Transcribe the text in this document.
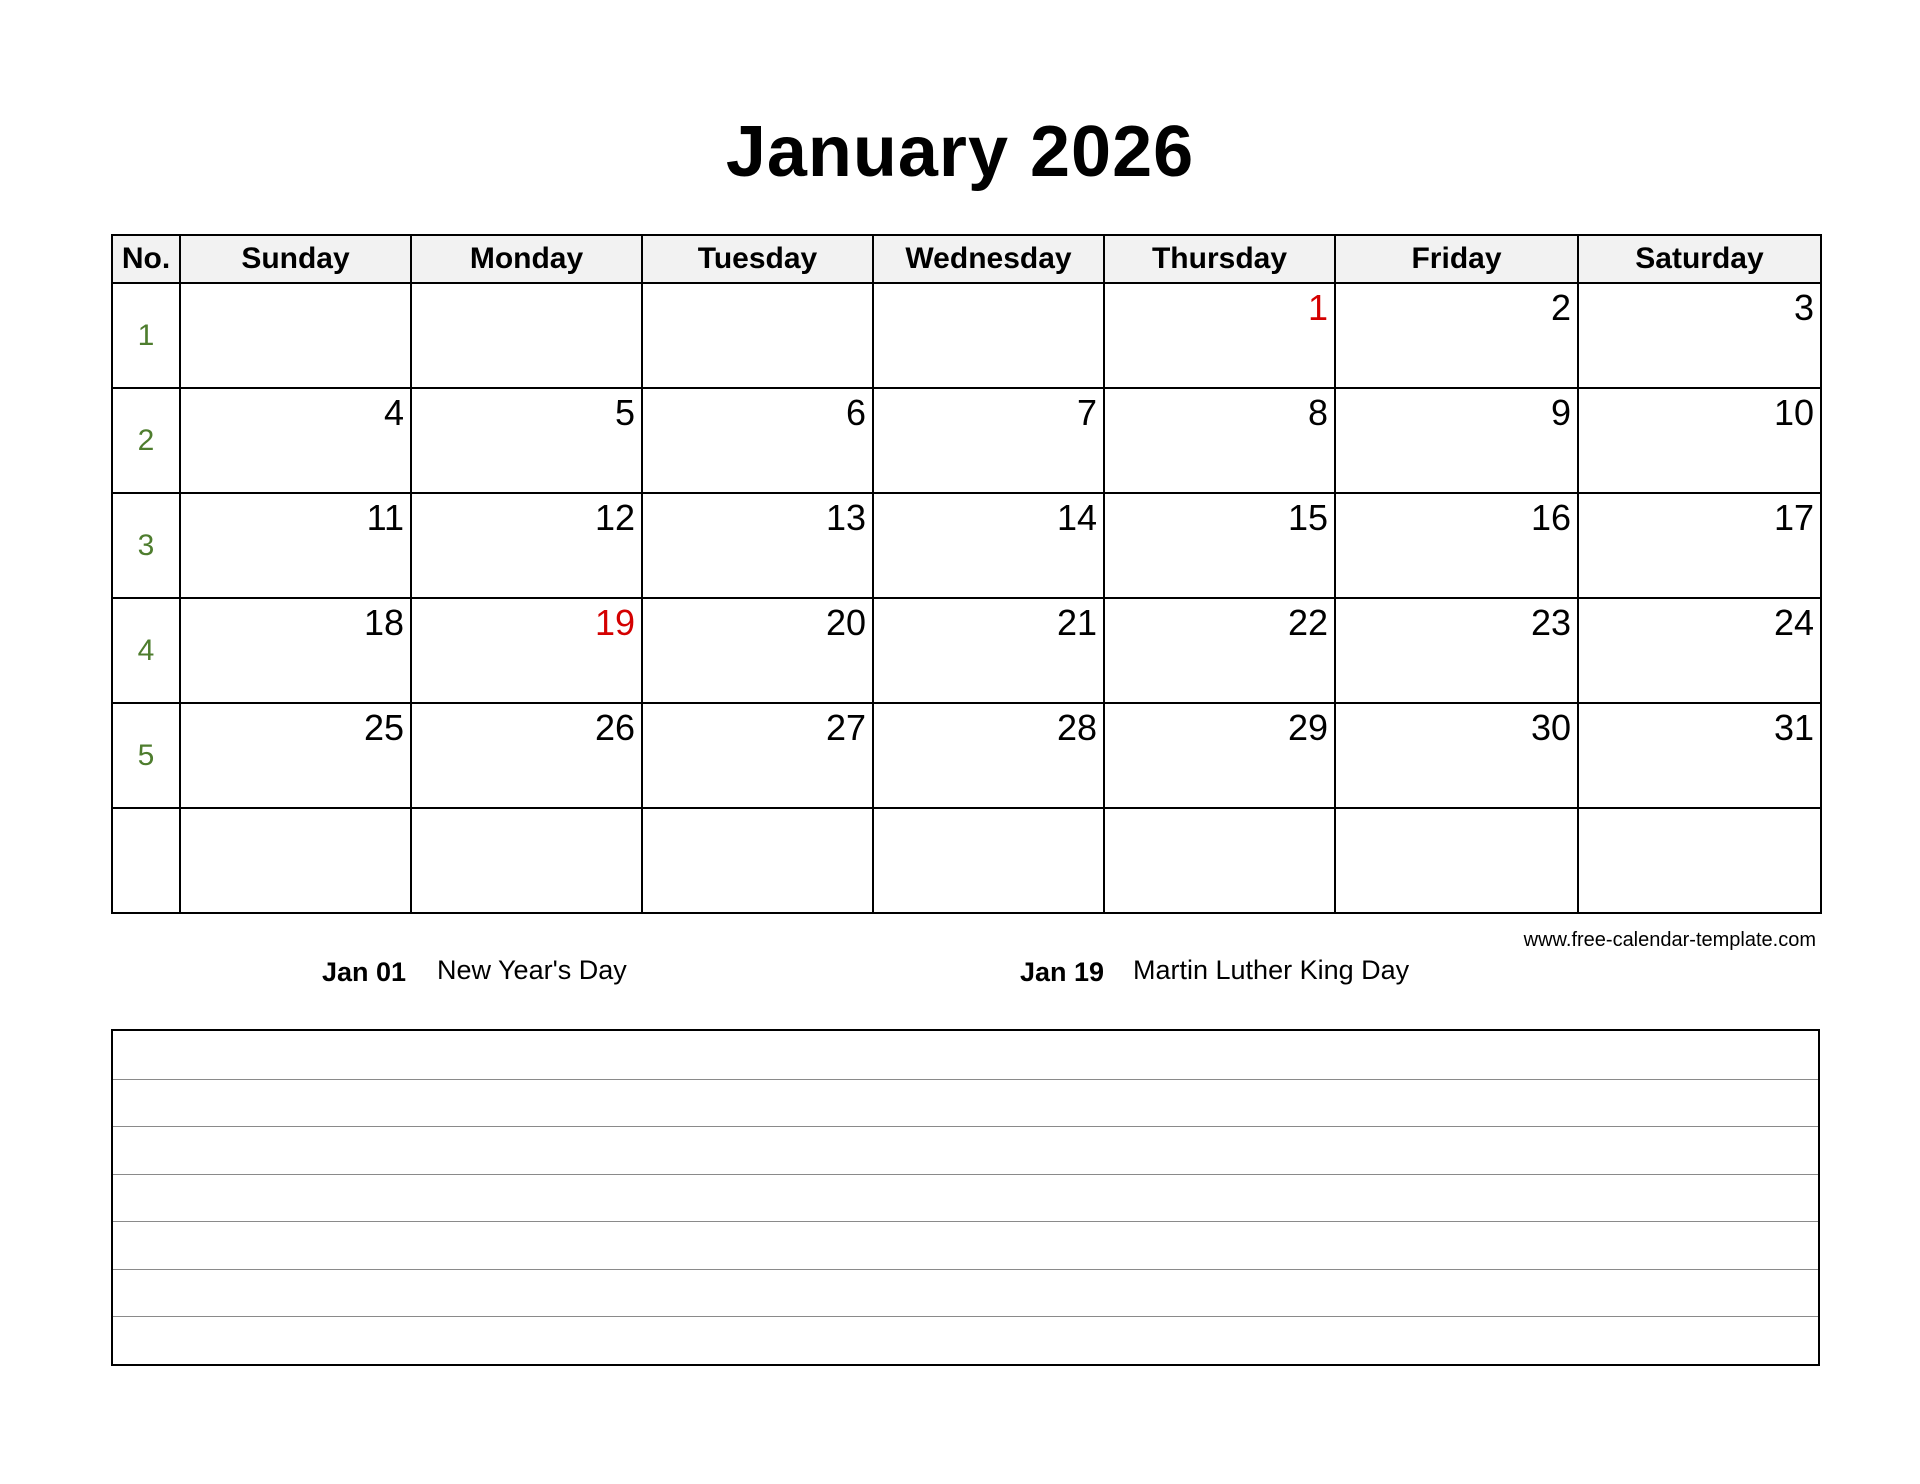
January 2026
No.	Sunday	Monday	Tuesday	Wednesday	Thursday	Friday	Saturday
1					1	2	3

2	4	5	6	7	8	9	10

3	11	12	13	14	15	16	17

4	18	19	20	21	22	23	24

5	25	26	27	28	29	30	31

www.free-calendar-template.com
Jan 01 New Year's Day	Jan 19 Martin Luther King Day
